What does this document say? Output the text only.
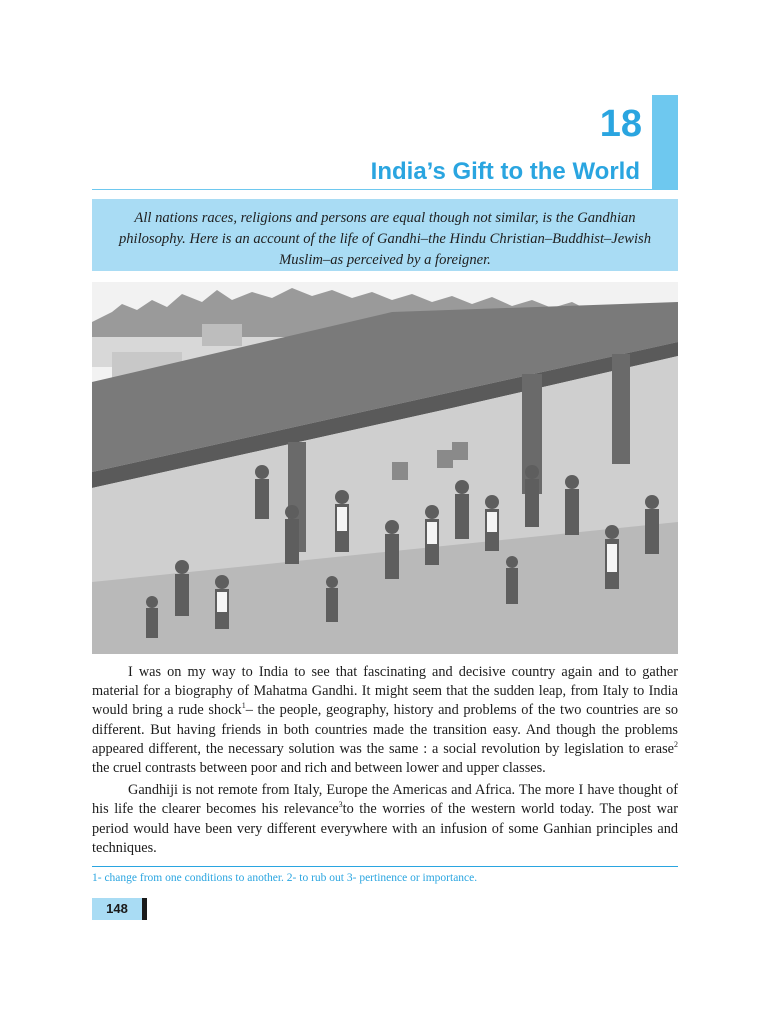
18
India’s Gift to the World
All nations races, religions and persons are equal though not similar, is the Gandhian philosophy. Here is an account of the life of Gandhi–the Hindu Christian–Buddhist–Jewish Muslim–as perceived by a foreigner.

I was on my way to India to see that fascinating and decisive country again and to gather material for a biography of Mahatma Gandhi. It might seem that the sudden leap, from Italy to India would bring a rude shock$^1$– the people, geography, history and problems of the two countries are so different. But having friends in both countries made the transition easy. And though the problems appeared different, the necessary solution was the same : a social revolution by legislation to erase$^2$ the cruel contrasts between poor and rich and between lower and upper classes.

Gandhiji is not remote from Italy, Europe the Americas and Africa. The more I have thought of his life the clearer becomes his relevance$^3$to the worries of the western world today. The post war period would have been very different everywhere with an infusion of some Ganhian principles and techniques.

1- change from one conditions to another. 2- to rub out 3- pertinence or importance.
148
